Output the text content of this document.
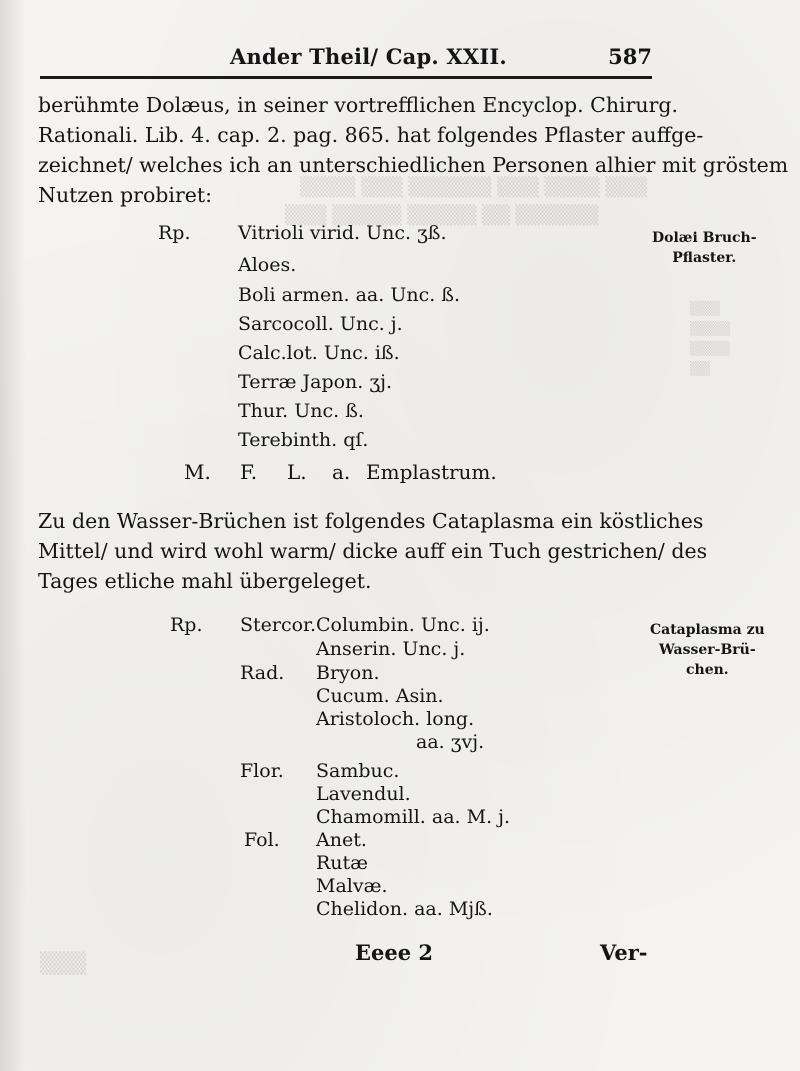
▒▒▒▒ ▒▒▒ ▒▒▒▒▒▒ ▒▒▒ ▒▒▒▒ ▒▒▒
▒▒▒ ▒▒▒▒▒ ▒▒▒▒▒ ▒▒ ▒▒▒▒▒▒
▒▒▒
▒▒▒▒
▒▒▒▒
▒▒
▒▒▒
Ander Theil/ Cap. XXII.	587
berühmte Dolæus, in seiner vortrefflichen Encyclop. Chirurg.
Rationali. Lib. 4. cap. 2. pag. 865. hat folgendes Pflaster auffge-
zeichnet/ welches ich an unterschiedlichen Personen alhier mit gröstem
Nutzen probiret:
Rp. Vitrioli virid. Unc. ʒß.
Aloes.
Boli armen. aa. Unc. ß.
Sarcocoll. Unc. j.
Calc.lot. Unc. iß.
Terræ Japon. ʒj.
Thur. Unc. ß.
Terebinth. qſ.
M. F. L. a. Emplastrum.
Dolæi Bruch-
Pflaster.
Zu den Wasser-Brüchen ist folgendes Cataplasma ein köstliches
Mittel/ und wird wohl warm/ dicke auff ein Tuch gestrichen/ des
Tages etliche mahl übergeleget.
Rp. Stercor. Columbin. Unc. ij.
Anserin. Unc. j.
Rad. Bryon.
Cucum. Asin.
Aristoloch. long.
aa. ʒvj.
Flor. Sambuc.
Lavendul.
Chamomill. aa. M. j.
Fol. Anet.
Rutæ
Malvæ.
Chelidon. aa. Mjß.
Cataplasma zu
Wasser-Brü-
chen.
Eeee 2	Ver-
